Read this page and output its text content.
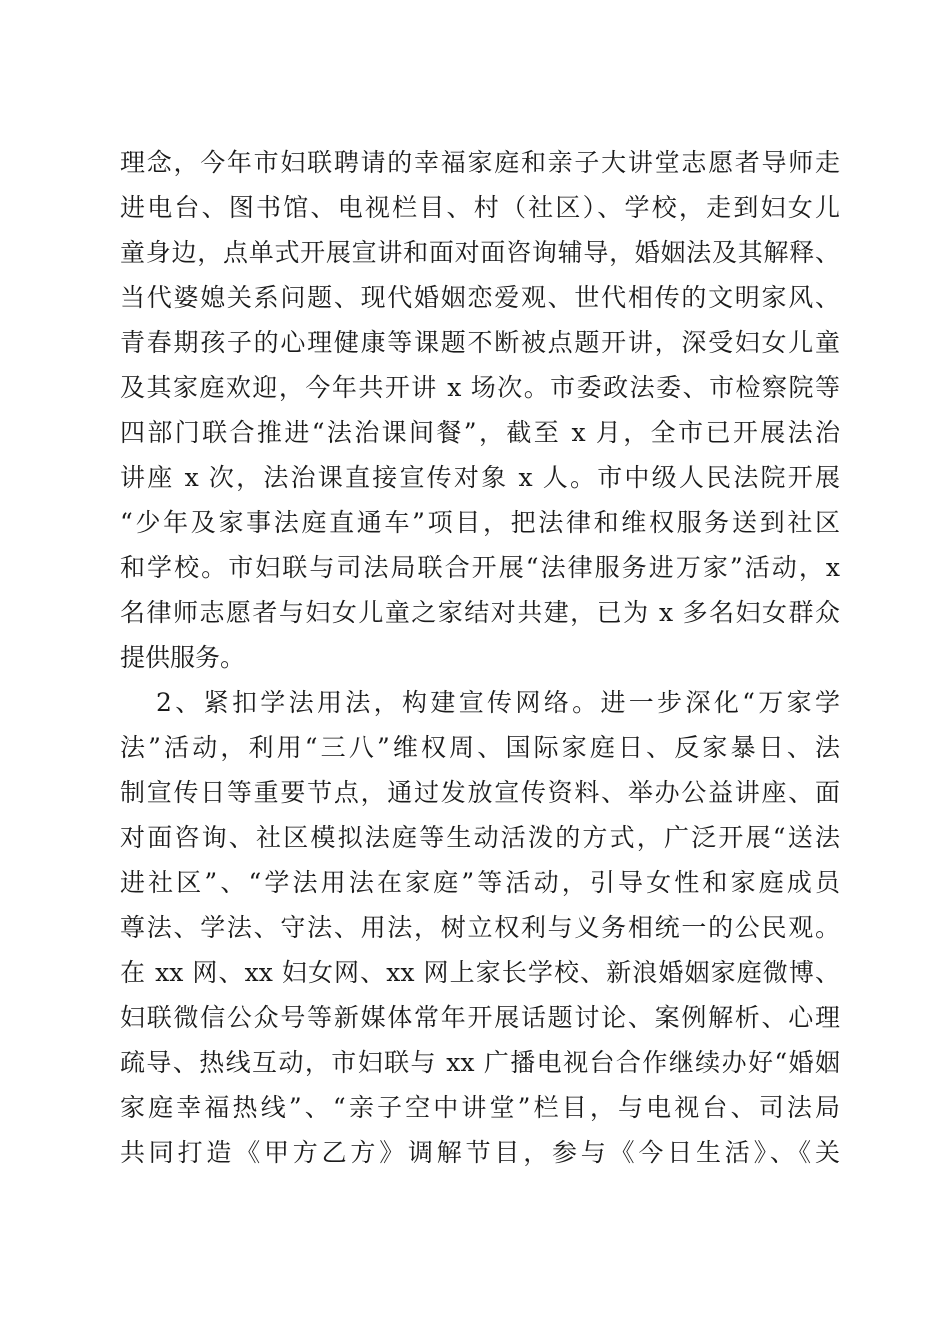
理念，今年市妇联聘请的幸福家庭和亲子大讲堂志愿者导师走
进电台、图书馆、电视栏目、村（社区）、学校，走到妇女儿
童身边，点单式开展宣讲和面对面咨询辅导，婚姻法及其解释、
当代婆媳关系问题、现代婚姻恋爱观、世代相传的文明家风、
青春期孩子的心理健康等课题不断被点题开讲，深受妇女儿童
及其家庭欢迎，今年共开讲 x 场次。市委政法委、市检察院等
四部门联合推进“法治课间餐”，截至 x 月，全市已开展法治
讲座 x 次，法治课直接宣传对象 x 人。市中级人民法院开展
“少年及家事法庭直通车”项目，把法律和维权服务送到社区
和学校。市妇联与司法局联合开展“法律服务进万家”活动，x
名律师志愿者与妇女儿童之家结对共建，已为 x 多名妇女群众
提供服务。
2、紧扣学法用法，构建宣传网络。进一步深化“万家学
法”活动，利用“三八”维权周、国际家庭日、反家暴日、法
制宣传日等重要节点，通过发放宣传资料、举办公益讲座、面
对面咨询、社区模拟法庭等生动活泼的方式，广泛开展“送法
进社区”、“学法用法在家庭”等活动，引导女性和家庭成员
尊法、学法、守法、用法，树立权利与义务相统一的公民观。
在 xx 网、xx 妇女网、xx 网上家长学校、新浪婚姻家庭微博、
妇联微信公众号等新媒体常年开展话题讨论、案例解析、心理
疏导、热线互动，市妇联与 xx 广播电视台合作继续办好“婚姻
家庭幸福热线”、“亲子空中讲堂”栏目，与电视台、司法局
共同打造《甲方乙方》调解节目，参与《今日生活》、《关
